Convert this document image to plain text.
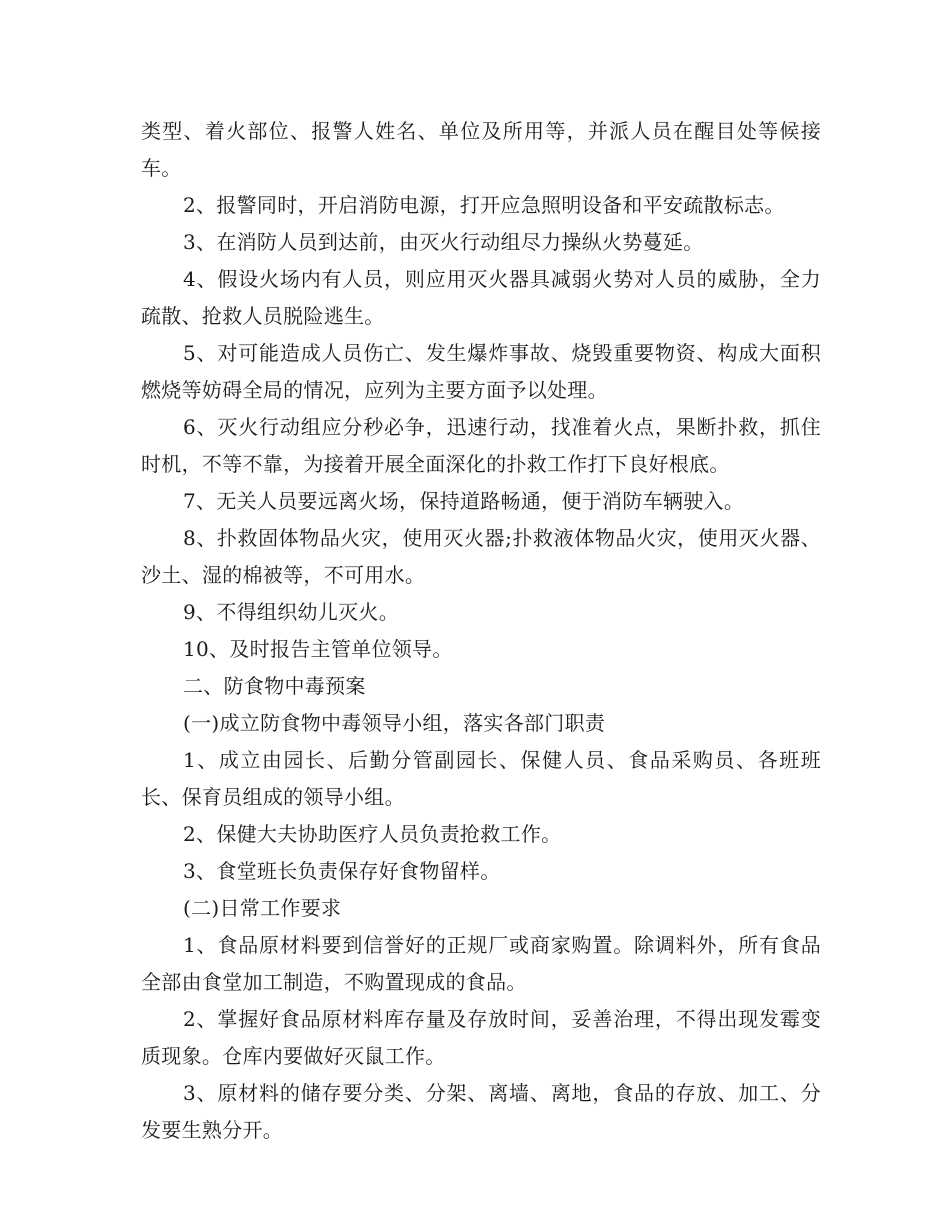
类型、着火部位、报警人姓名、单位及所用等，并派人员在醒目处等候接车。

2、报警同时，开启消防电源，打开应急照明设备和平安疏散标志。

3、在消防人员到达前，由灭火行动组尽力操纵火势蔓延。

4、假设火场内有人员，则应用灭火器具减弱火势对人员的威胁，全力疏散、抢救人员脱险逃生。

5、对可能造成人员伤亡、发生爆炸事故、烧毁重要物资、构成大面积燃烧等妨碍全局的情况，应列为主要方面予以处理。

6、灭火行动组应分秒必争，迅速行动，找准着火点，果断扑救，抓住时机，不等不靠，为接着开展全面深化的扑救工作打下良好根底。

7、无关人员要远离火场，保持道路畅通，便于消防车辆驶入。

8、扑救固体物品火灾，使用灭火器;扑救液体物品火灾，使用灭火器、沙土、湿的棉被等，不可用水。

9、不得组织幼儿灭火。

10、及时报告主管单位领导。

二、防食物中毒预案

(一)成立防食物中毒领导小组，落实各部门职责

1、成立由园长、后勤分管副园长、保健人员、食品采购员、各班班长、保育员组成的领导小组。

2、保健大夫协助医疗人员负责抢救工作。

3、食堂班长负责保存好食物留样。

(二)日常工作要求

1、食品原材料要到信誉好的正规厂或商家购置。除调料外，所有食品全部由食堂加工制造，不购置现成的食品。

2、掌握好食品原材料库存量及存放时间，妥善治理，不得出现发霉变质现象。仓库内要做好灭鼠工作。

3、原材料的储存要分类、分架、离墙、离地，食品的存放、加工、分发要生熟分开。
